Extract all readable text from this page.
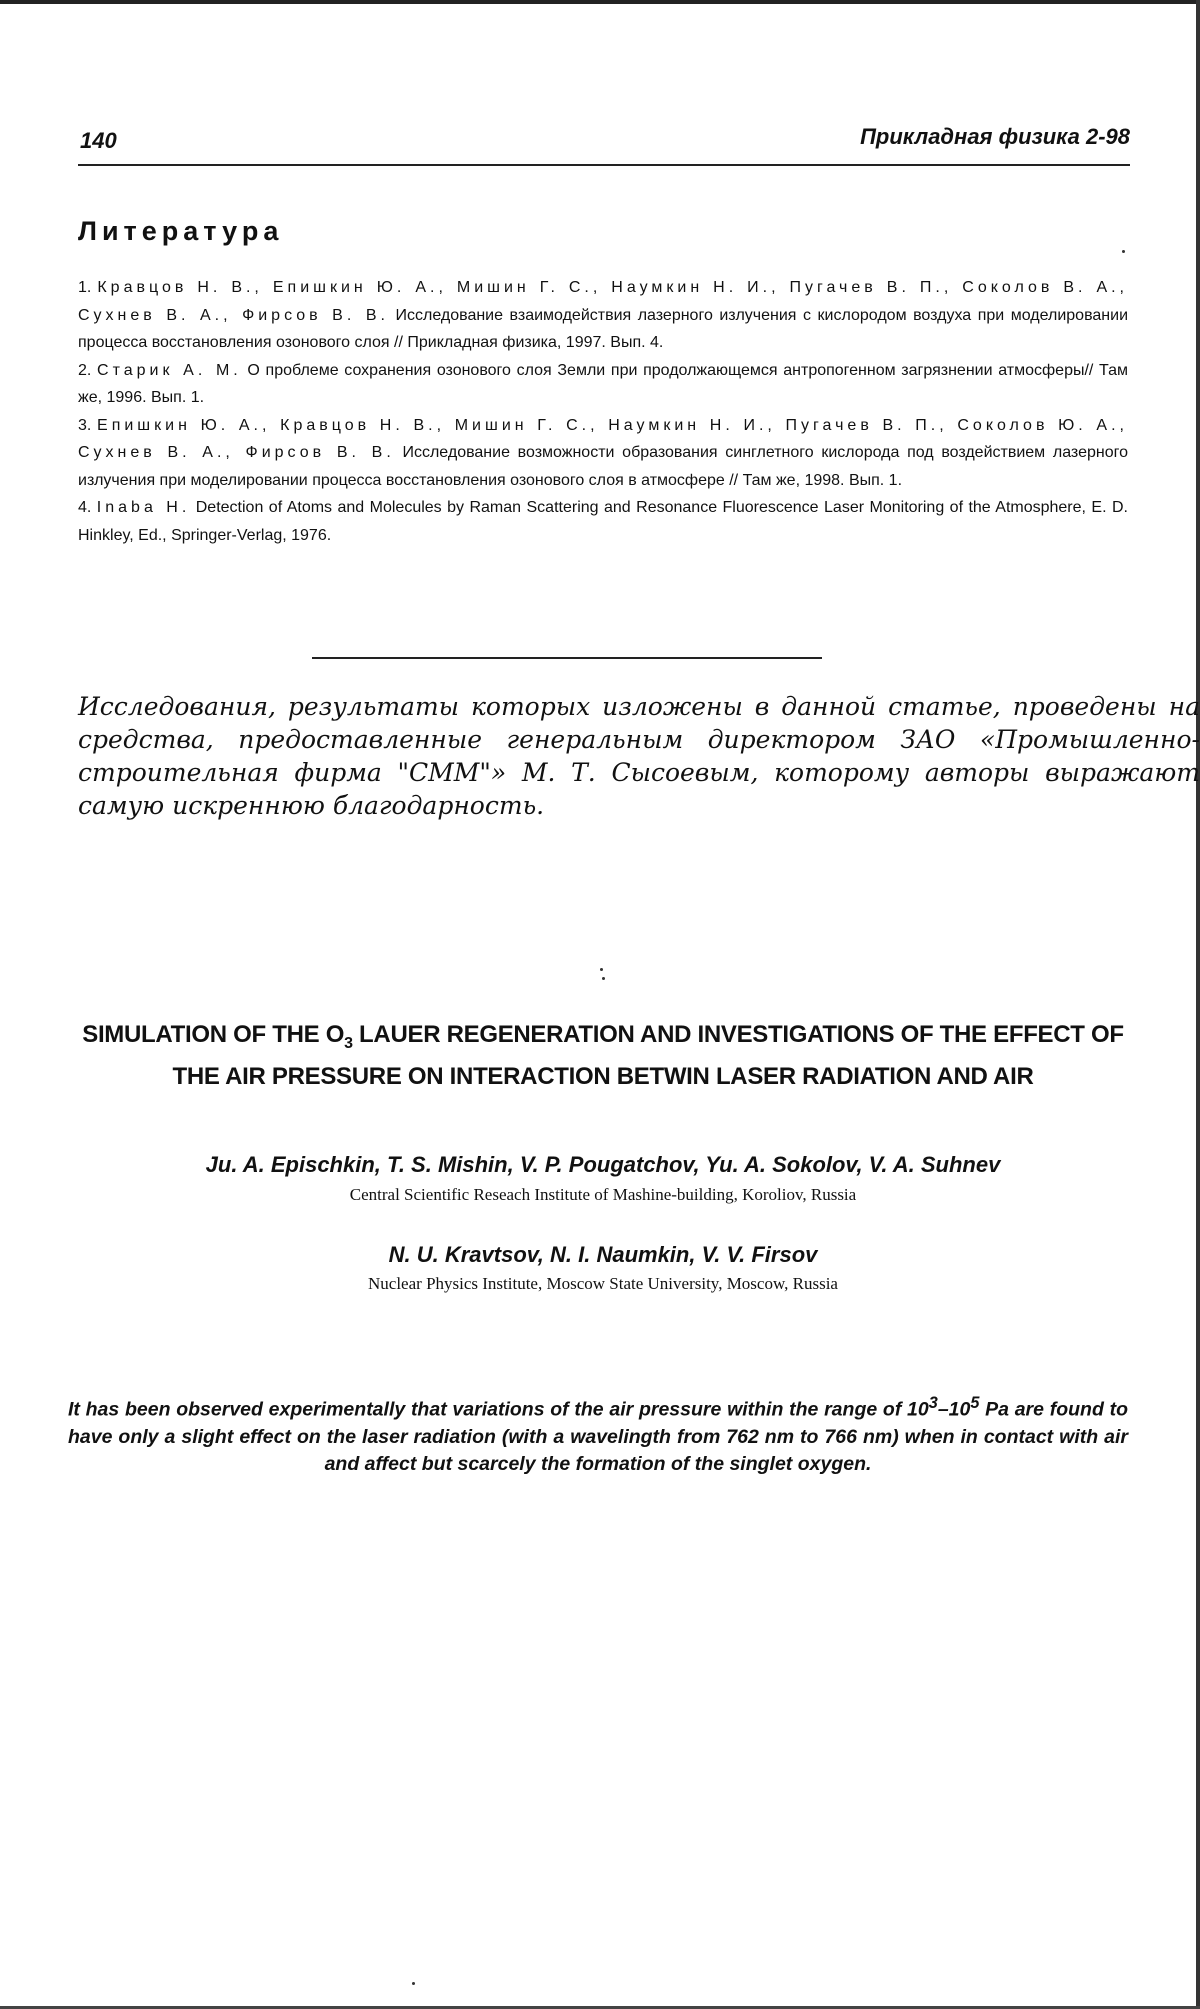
140	Прикладная физика 2-98
Литература

1. Кравцов Н. В., Епишкин Ю. А., Мишин Г. С., Наумкин Н. И., Пугачев В. П., Соколов В. А., Сухнев В. А., Фирсов В. В. Исследование взаимодействия лазерного излучения с кислородом воздуха при моделировании процесса восстановления озонового слоя // Прикладная физика, 1997. Вып. 4.

2. Старик А. М. О проблеме сохранения озонового слоя Земли при продолжающемся антропогенном загрязнении атмосферы// Там же, 1996. Вып. 1.

3. Епишкин Ю. А., Кравцов Н. В., Мишин Г. С., Наумкин Н. И., Пугачев В. П., Соколов Ю. А., Сухнев В. А., Фирсов В. В. Исследование возможности образования синглетного кислорода под воздействием лазерного излучения при моделировании процесса восстановления озонового слоя в атмосфере // Там же, 1998. Вып. 1.

4. Inaba H. Detection of Atoms and Molecules by Raman Scattering and Resonance Fluorescence Laser Monitoring of the Atmosphere, E. D. Hinkley, Ed., Springer-Verlag, 1976.

Исследования, результаты которых изложены в данной статье, проведены на средства, предоставленные генеральным директором ЗАО «Промышленно-строительная фирма "СММ"» М. Т. Сысоевым, которому авторы выражают самую искреннюю благодарность.

SIMULATION OF THE $O_3$ LAUER REGENERATION AND INVESTIGATIONS OF THE EFFECT OF THE AIR PRESSURE ON INTERACTION BETWIN LASER RADIATION AND AIR
Ju. A. Epischkin, T. S. Mishin, V. P. Pougatchov, Yu. A. Sokolov, V. A. Suhnev
Central Scientific Reseach Institute of Mashine-building, Koroliov, Russia
N. U. Kravtsov, N. I. Naumkin, V. V. Firsov
Nuclear Physics Institute, Moscow State University, Moscow, Russia

It has been observed experimentally that variations of the air pressure within the range of $10^3-10^5$ Pa are found to have only a slight effect on the laser radiation (with a wavelingth from 762 nm to 766 nm) when in contact with air and affect but scarcely the formation of the singlet oxygen.
